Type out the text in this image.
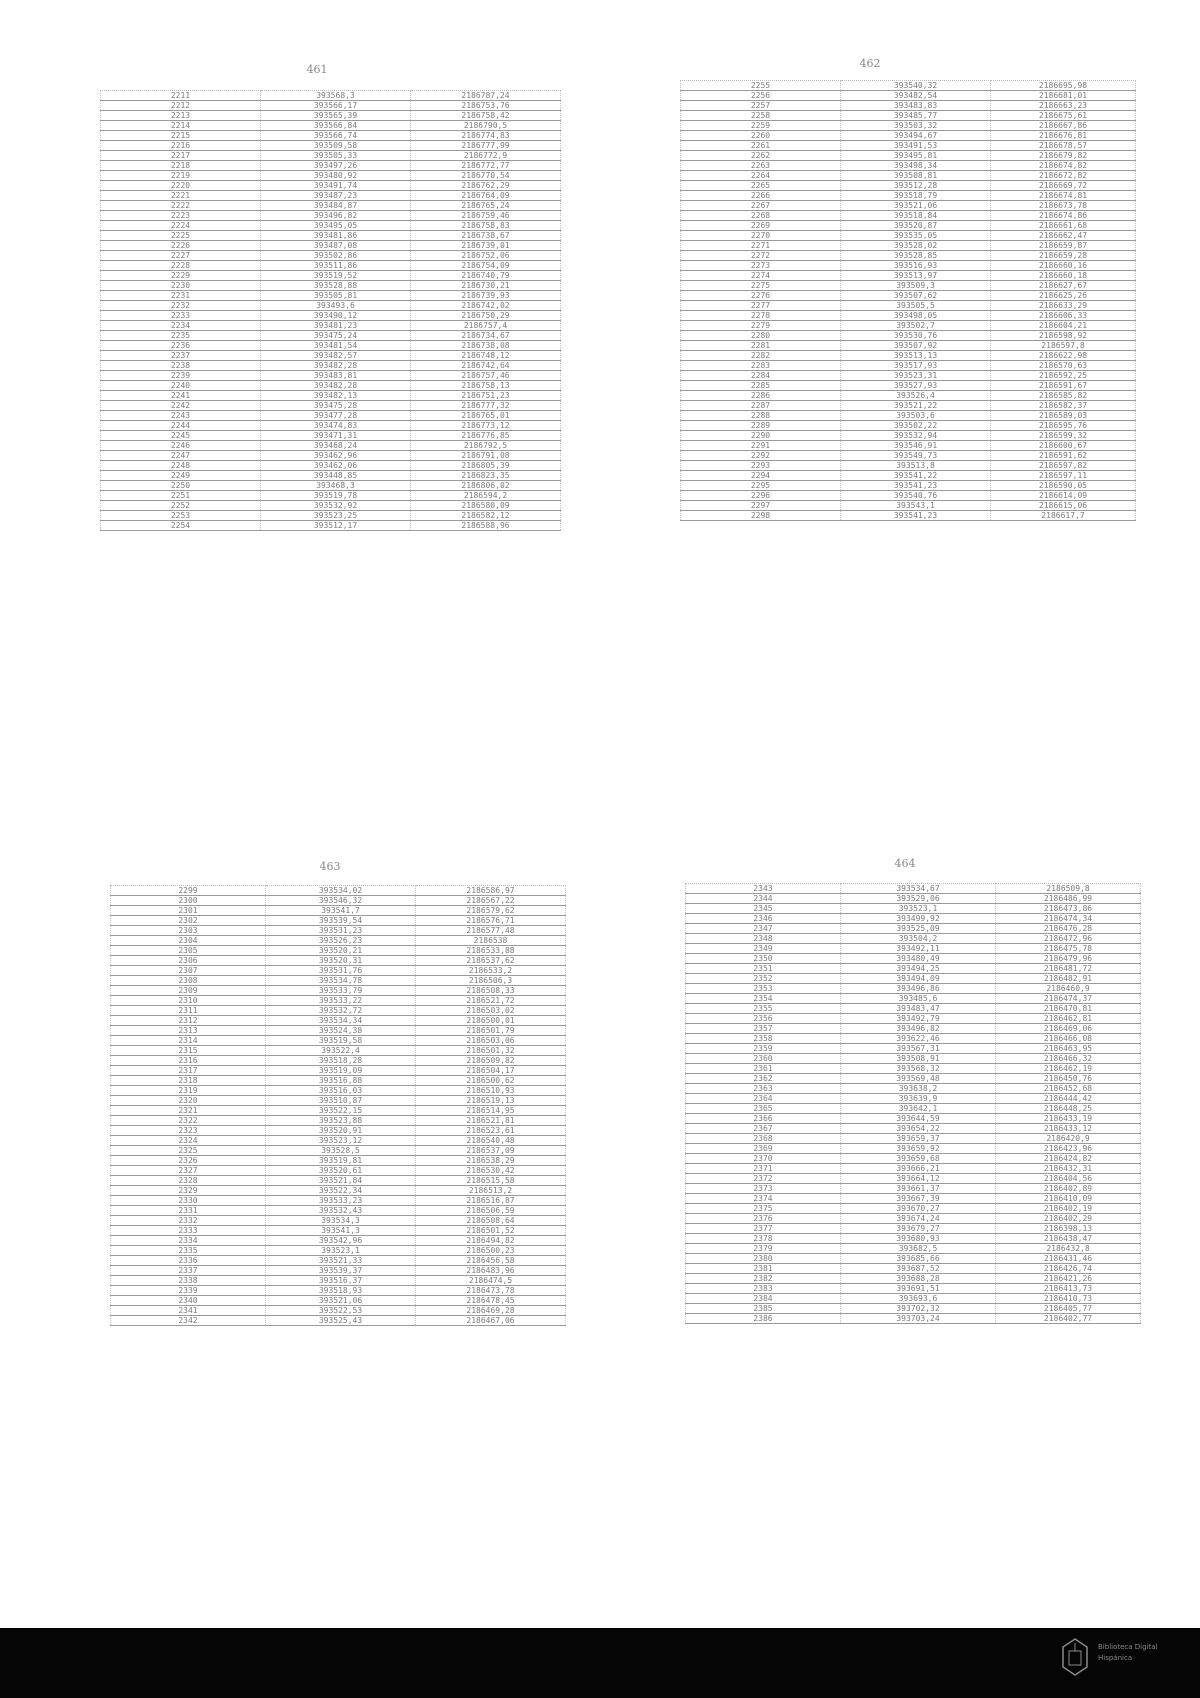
461	462
463	464
2211	393568,3	2186787,24
2212	393566,17	2186753,76
2213	393565,39	2186758,42
2214	393566,84	2186790,5
2215	393566,74	2186774,83
2216	393509,58	2186777,99
2217	393505,33	2186772,9
2218	393497,26	2186772,77
2219	393480,92	2186770,54
2220	393491,74	2186762,29
2221	393487,23	2186764,09
2222	393484,87	2186765,24
2223	393496,82	2186759,46
2224	393495,05	2186758,83
2225	393481,86	2186738,67
2226	393487,08	2186739,01
2227	393502,86	2186752,06
2228	393511,86	2186754,09
2229	393519,52	2186740,79
2230	393528,88	2186730,21
2231	393505,81	2186739,93
2232	393493,6	2186742,02
2233	393490,12	2186750,29
2234	393481,23	2186757,4
2235	393475,24	2186734,67
2236	393481,54	2186738,08
2237	393482,57	2186748,12
2238	393482,28	2186742,64
2239	393483,81	2186757,46
2240	393482,28	2186758,13
2241	393482,13	2186751,23
2242	393475,28	2186777,32
2243	393477,28	2186765,01
2244	393474,83	2186773,12
2245	393471,31	2186776,85
2246	393468,24	2186792,5
2247	393462,96	2186791,08
2248	393462,06	2186805,39
2249	393448,85	2186823,35
2250	393468,3	2186806,02
2251	393519,78	2186594,2
2252	393532,92	2186580,09
2253	393523,25	2186582,12
2254	393512,17	2186588,96
2255	393540,32	2186695,98
2256	393482,54	2186681,01
2257	393483,83	2186663,23
2258	393485,77	2186675,61
2259	393503,32	2186667,86
2260	393494,67	2186676,81
2261	393491,53	2186678,57
2262	393495,81	2186679,82
2263	393498,34	2186674,82
2264	393508,81	2186672,82
2265	393512,28	2186669,72
2266	393518,79	2186674,81
2267	393521,06	2186673,78
2268	393518,84	2186674,86
2269	393520,87	2186661,68
2270	393535,05	2186662,47
2271	393528,02	2186659,87
2272	393528,85	2186659,28
2273	393516,93	2186660,16
2274	393513,97	2186660,18
2275	393509,3	2186627,67
2276	393507,62	2186625,26
2277	393505,5	2186633,29
2278	393498,05	2186606,33
2279	393502,7	2186604,21
2280	393530,76	2186598,92
2281	393507,92	2186597,8
2282	393513,13	2186622,98
2283	393517,93	2186570,63
2284	393523,31	2186592,25
2285	393527,93	2186591,67
2286	393526,4	2186585,82
2287	393521,22	2186582,37
2288	393503,6	2186589,03
2289	393502,22	2186595,76
2290	393532,94	2186599,32
2291	393546,91	2186600,67
2292	393549,73	2186591,62
2293	393513,8	2186597,82
2294	393541,22	2186597,11
2295	393541,23	2186590,05
2296	393540,76	2186614,09
2297	393543,1	2186615,06
2298	393541,23	2186617,7
2299	393534,02	2186586,97
2300	393546,32	2186567,22
2301	393541,7	2186579,62
2302	393539,54	2186576,71
2303	393531,23	2186577,48
2304	393526,23	2186538
2305	393520,21	2186533,88
2306	393520,31	2186537,62
2307	393531,76	2186533,2
2308	393534,78	2186506,3
2309	393533,79	2186508,33
2310	393533,22	2186521,72
2311	393532,72	2186503,02
2312	393534,34	2186500,01
2313	393524,38	2186501,79
2314	393519,58	2186503,06
2315	393522,4	2186501,32
2316	393518,28	2186509,82
2317	393519,09	2186504,17
2318	393516,88	2186500,62
2319	393516,03	2186510,93
2320	393510,87	2186519,13
2321	393522,15	2186514,95
2322	393523,88	2186521,81
2323	393520,91	2186523,61
2324	393523,12	2186540,48
2325	393528,5	2186537,09
2326	393519,81	2186538,29
2327	393520,61	2186530,42
2328	393521,84	2186515,58
2329	393522,34	2186513,2
2330	393533,23	2186516,87
2331	393532,43	2186506,59
2332	393534,3	2186508,64
2333	393541,3	2186501,52
2334	393542,96	2186494,82
2335	393523,1	2186500,23
2336	393521,33	2186456,58
2337	393539,37	2186483,96
2338	393516,37	2186474,5
2339	393518,93	2186473,78
2340	393521,06	2186478,45
2341	393522,53	2186469,28
2342	393525,43	2186467,06
2343	393534,67	2186509,8
2344	393529,06	2186486,99
2345	393523,1	2186473,86
2346	393499,92	2186474,34
2347	393525,09	2186476,28
2348	393504,2	2186472,96
2349	393492,11	2186475,78
2350	393480,49	2186479,96
2351	393494,25	2186481,72
2352	393494,09	2186482,91
2353	393496,86	2186460,9
2354	393485,6	2186474,37
2355	393483,47	2186470,81
2356	393492,79	2186462,81
2357	393496,82	2186469,06
2358	393622,46	2186466,08
2359	393567,31	2186463,95
2360	393508,91	2186466,32
2361	393568,32	2186462,19
2362	393569,48	2186450,76
2363	393638,2	2186452,68
2364	393639,9	2186444,42
2365	393642,1	2186448,25
2366	393644,59	2186433,19
2367	393654,22	2186433,12
2368	393659,37	2186420,9
2369	393659,92	2186423,96
2370	393659,68	2186424,82
2371	393666,21	2186432,31
2372	393664,12	2186404,56
2373	393661,37	2186402,89
2374	393667,39	2186410,09
2375	393670,27	2186402,19
2376	393674,24	2186402,29
2377	393679,27	2186398,13
2378	393680,93	2186438,47
2379	393682,5	2186432,8
2380	393685,66	2186431,46
2381	393687,52	2186426,74
2382	393688,28	2186421,26
2383	393691,51	2186413,73
2384	393693,6	2186410,73
2385	393702,32	2186405,77
2386	393703,24	2186402,77
Biblioteca Digital
Hispánica
